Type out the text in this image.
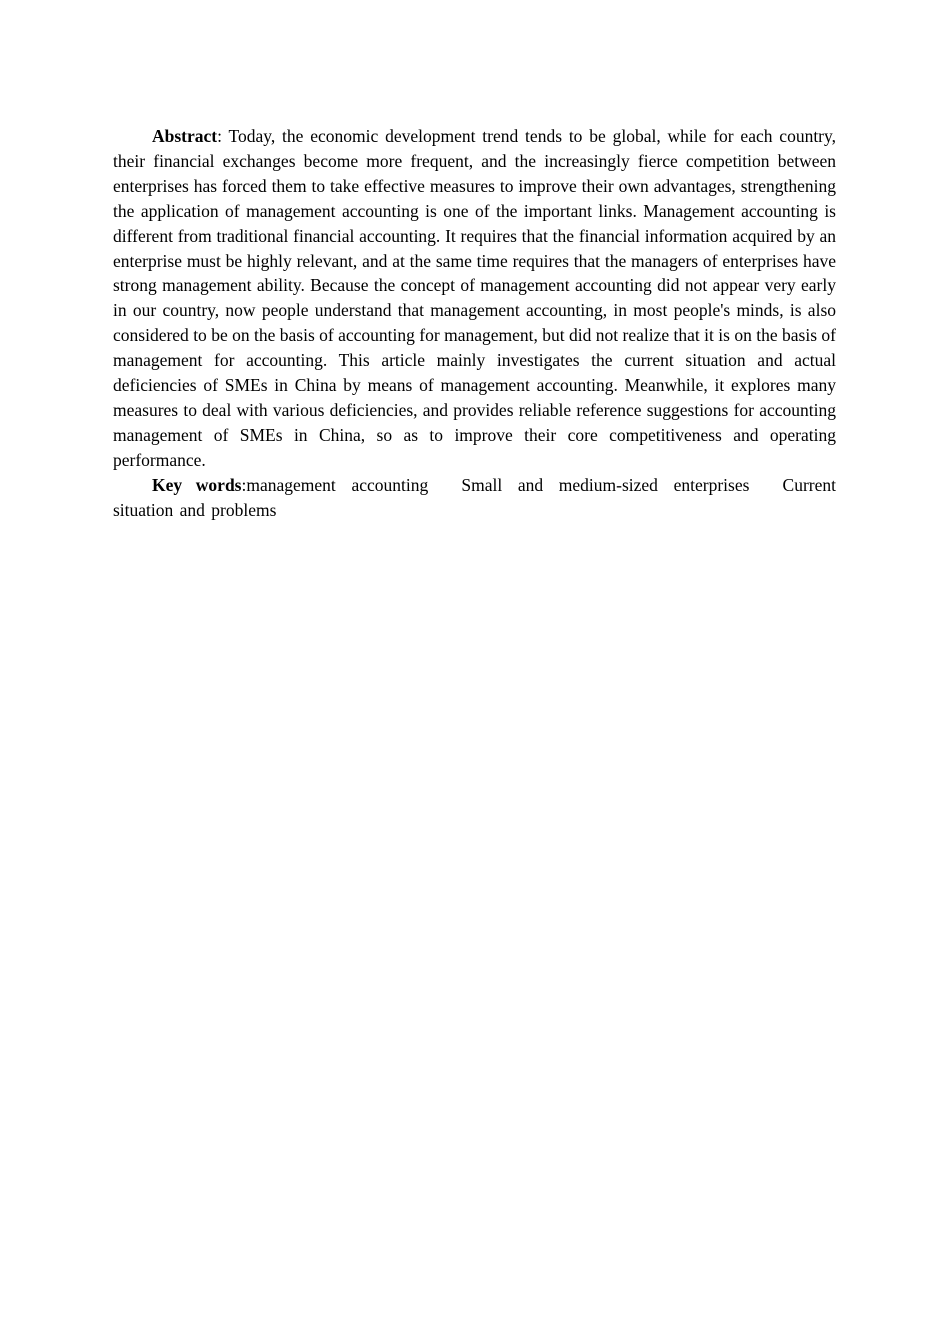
Abstract: Today, the economic development trend tends to be global, while for each country, their financial exchanges become more frequent, and the increasingly fierce competition between enterprises has forced them to take effective measures to improve their own advantages, strengthening the application of management accounting is one of the important links. Management accounting is different from traditional financial accounting. It requires that the financial information acquired by an enterprise must be highly relevant, and at the same time requires that the managers of enterprises have strong management ability. Because the concept of management accounting did not appear very early in our country, now people understand that management accounting, in most people's minds, is also considered to be on the basis of accounting for management, but did not realize that it is on the basis of management for accounting. This article mainly investigates the current situation and actual deficiencies of SMEs in China by means of management accounting. Meanwhile, it explores many measures to deal with various deficiencies, and provides reliable reference suggestions for accounting management of SMEs in China, so as to improve their core competitiveness and operating performance.

Key words:management accounting  Small and medium-sized enterprises  Current situation and problems
